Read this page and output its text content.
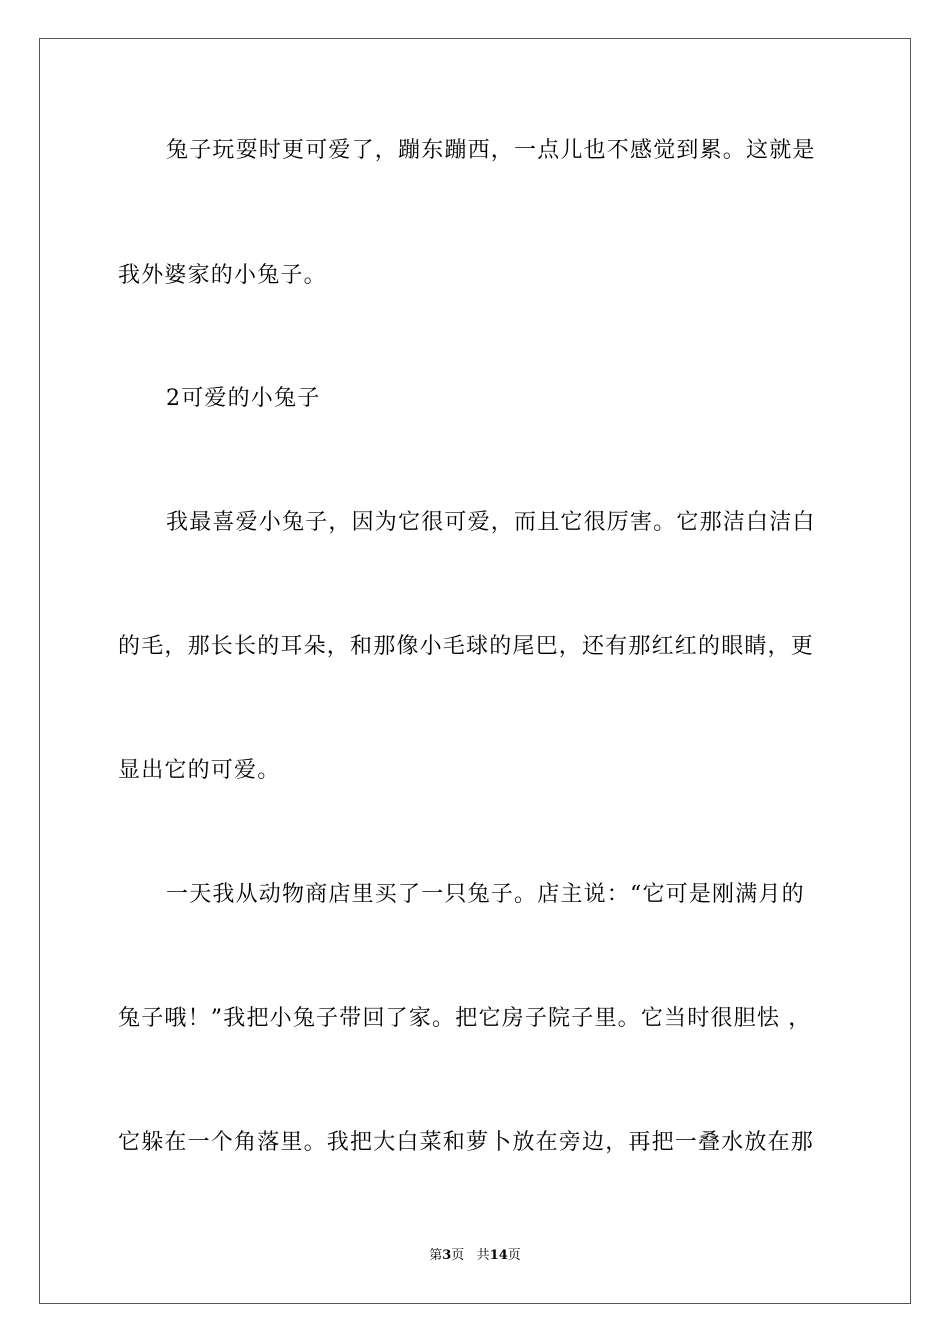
兔子玩耍时更可爱了，蹦东蹦西，一点儿也不感觉到累。这就是
我外婆家的小兔子。
2可爱的小兔子
我最喜爱小兔子，因为它很可爱，而且它很厉害。它那洁白洁白
的毛，那长长的耳朵，和那像小毛球的尾巴，还有那红红的眼睛，更
显出它的可爱。
一天我从动物商店里买了一只兔子。店主说：“它可是刚满月的
兔子哦！”我把小兔子带回了家。把它房子院子里。它当时很胆怯 ，
它躲在一个角落里。我把大白菜和萝卜放在旁边，再把一叠水放在那
第3页 共14页
